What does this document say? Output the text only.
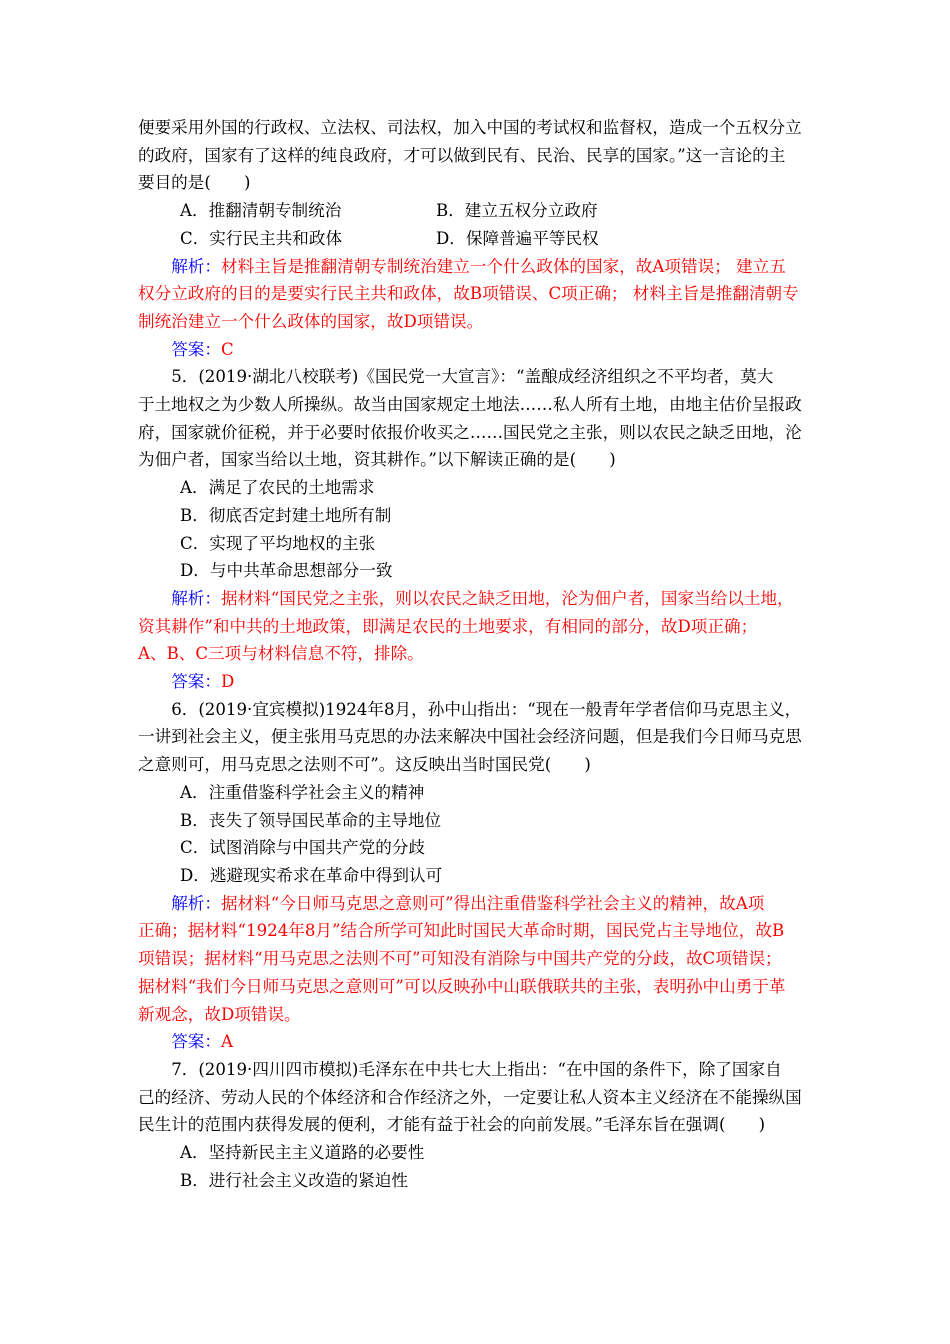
便要采用外国的行政权、立法权、司法权，加入中国的考试权和监督权，造成一个五权分立

的政府，国家有了这样的纯良政府，才可以做到民有、民治、民享的国家。”这一言论的主

要目的是(　　)

A．推翻清朝专制统治	B．建立五权分立政府
C．实行民主共和政体	D．保障普遍平等民权

解析：材料主旨是推翻清朝专制统治建立一个什么政体的国家，故A项错误； 建立五

权分立政府的目的是要实行民主共和政体，故B项错误、C项正确； 材料主旨是推翻清朝专

制统治建立一个什么政体的国家，故D项错误。

答案：C

5．(2019·湖北八校联考)《国民党一大宣言》：“盖酿成经济组织之不平均者，莫大

于土地权之为少数人所操纵。故当由国家规定土地法……私人所有土地，由地主估价呈报政

府，国家就价征税，并于必要时依报价收买之……国民党之主张，则以农民之缺乏田地，沦

为佃户者，国家当给以土地，资其耕作。”以下解读正确的是(　　)

A．满足了农民的土地需求

B．彻底否定封建土地所有制

C．实现了平均地权的主张

D．与中共革命思想部分一致

解析：据材料“国民党之主张，则以农民之缺乏田地，沦为佃户者，国家当给以土地，

资其耕作”和中共的土地政策，即满足农民的土地要求，有相同的部分，故D项正确；

A、B、C三项与材料信息不符，排除。

答案：D

6．(2019·宜宾模拟)1924年8月，孙中山指出：“现在一般青年学者信仰马克思主义，

一讲到社会主义，便主张用马克思的办法来解决中国社会经济问题，但是我们今日师马克思

之意则可，用马克思之法则不可”。这反映出当时国民党(　　)

A．注重借鉴科学社会主义的精神

B．丧失了领导国民革命的主导地位

C．试图消除与中国共产党的分歧

D．逃避现实希求在革命中得到认可

解析：据材料“今日师马克思之意则可”得出注重借鉴科学社会主义的精神，故A项

正确；据材料“1924年8月”结合所学可知此时国民大革命时期，国民党占主导地位，故B

项错误；据材料“用马克思之法则不可”可知没有消除与中国共产党的分歧，故C项错误；

据材料“我们今日师马克思之意则可”可以反映孙中山联俄联共的主张，表明孙中山勇于革

新观念，故D项错误。

答案：A

7．(2019·四川四市模拟)毛泽东在中共七大上指出：“在中国的条件下，除了国家自

己的经济、劳动人民的个体经济和合作经济之外，一定要让私人资本主义经济在不能操纵国

民生计的范围内获得发展的便利，才能有益于社会的向前发展。”毛泽东旨在强调(　　)

A．坚持新民主主义道路的必要性

B．进行社会主义改造的紧迫性
